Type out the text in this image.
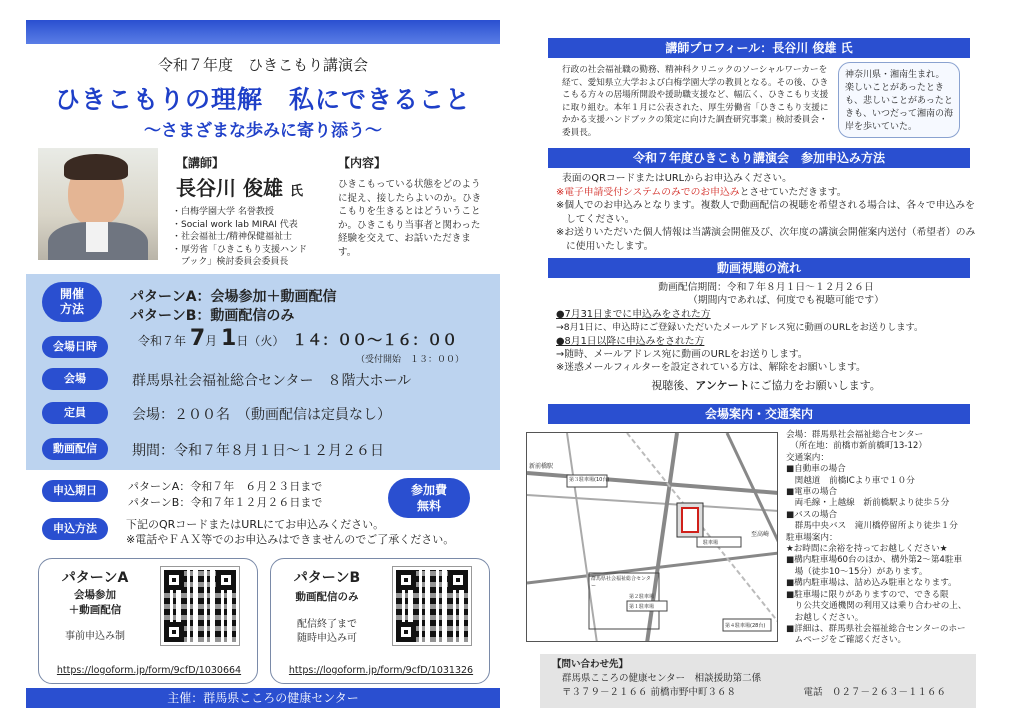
令和７年度　ひきこもり講演会
ひきこもりの理解　私にできること
～さまざまな歩みに寄り添う～
【講師】
長谷川 俊雄 氏
・白梅学園大学 名誉教授
・Social work lab MIRAI 代表
・社会福祉士/精神保健福祉士
・厚労省「ひきこもり支援ハンド
　ブック」検討委員会委員長
【内容】
ひきこもっている状態をどのように捉え、接したらよいのか。ひきこもりを生きるとはどういうことか。ひきこもり当事者と関わった経験を交えて、お話いただきます。
開催方法
パターンA：会場参加＋動画配信
パターンB：動画配信のみ
会場日時	令和７年 7月 1日（火） １４：００～１６：００
（受付開始　１３：００）
会場	群馬県社会福祉総合センター　８階大ホール
定員	会場：２００名　（動画配信は定員なし）
動画配信	期間：令和７年８月１日～１２月２６日
申込期日	パターンA：令和７年　６月２３日まで
パターンB：令和７年１２月２６日まで
参加費
無料
申込方法	下記のQRコードまたはURLにてお申込みください。
※電話やＦＡＸ等でのお申込みはできませんのでご了承ください。
パターンA
会場参加
＋動画配信
事前申込み制
https://logoform.jp/form/9cfD/1030664
パターンB
動画配信のみ
配信終了まで
随時申込み可
https://logoform.jp/form/9cfD/1031326
主催：群馬県こころの健康センター
講師プロフィール：長谷川 俊雄 氏
行政の社会福祉職の勤務、精神科クリニックのソーシャルワーカーを経て、愛知県立大学および白梅学園大学の教員となる。その後、ひきこもる方々の居場所開設や援助職支援など、幅広く、ひきこもり支援に取り組む。本年１月に公表された、厚生労働省「ひきこもり支援にかかる支援ハンドブックの策定に向けた調査研究事業」検討委員会・委員長。
神奈川県・湘南生まれ。楽しいことがあったときも、悲しいことがあったときも、いつだって湘南の海岸を歩いていた。
令和７年度ひきこもり講演会　参加申込み方法
表面のQRコードまたはURLからお申込みください。
※電子申請受付システムのみでのお申込みとさせていただきます。
※個人でのお申込みとなります。複数人で動画配信の視聴を希望される場合は、各々で申込みをしてください。
※お送りいただいた個人情報は当講演会開催及び、次年度の講演会開催案内送付（希望者）のみに使用いたします。
動画視聴の流れ
動画配信期間：令和７年８月１日～１２月２６日
（期間内であれば、何度でも視聴可能です）
●7月31日までに申込みをされた方
→8月1日に、申込時にご登録いただいたメールアドレス宛に動画のURLをお送りします。
●8月1日以降に申込みをされた方
→随時、メールアドレス宛に動画のURLをお送りします。
※迷惑メールフィルターを設定されている方は、解除をお願いします。
視聴後、アンケートにご協力をお願いします。
会場案内・交通案内
第３駐車場(10台)
第２駐車場
第１駐車場
第４駐車場(28台)
駐車場
群馬県社会福祉総合センター
新前橋駅
至高崎
会場：群馬県社会福祉総合センター
　（所在地：前橋市新前橋町13-12）
交通案内：
■自動車の場合
　関越道　前橋ICより車で１０分
■電車の場合
　両毛線・上越線　新前橋駅より徒歩５分
■バスの場合
　群馬中央バス　滝川橋停留所より徒歩１分
駐車場案内：
★お時間に余裕を持ってお越しください★
■構内駐車場60台のほか、構外第2～第4駐車
　場（徒歩10～15分）があります。
■構内駐車場は、詰め込み駐車となります。
■駐車場に限りがありますので、できる限
　り公共交通機関の利用又は乗り合わせの上、
　お越しください。
■詳細は、群馬県社会福祉総合センターのホー
　ムページをご確認ください。
【問い合わせ先】
群馬県こころの健康センター　相談援助第二係
〒３７９－２１６６ 前橋市野中町３６８	電話　０２７－２６３－１１６６
